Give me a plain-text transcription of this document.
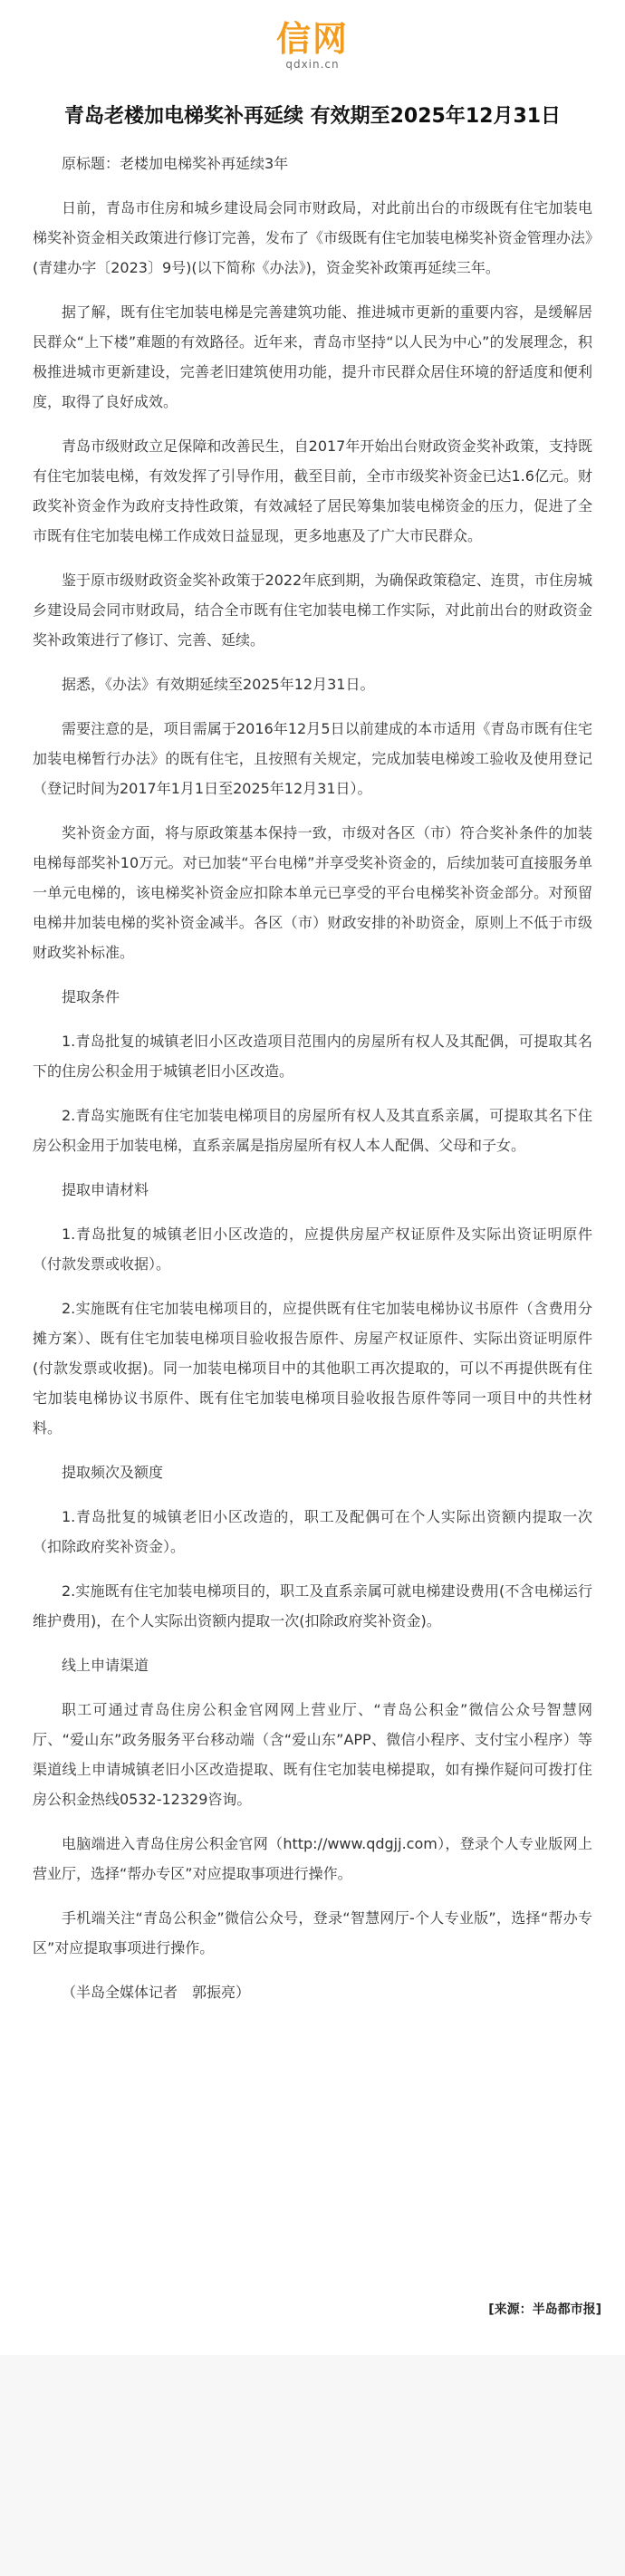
信网
qdxin.cn
青岛老楼加电梯奖补再延续 有效期至2025年12月31日

原标题：老楼加电梯奖补再延续3年

日前，青岛市住房和城乡建设局会同市财政局，对此前出台的市级既有住宅加装电梯奖补资金相关政策进行修订完善，发布了《市级既有住宅加装电梯奖补资金管理办法》(青建办字〔2023〕9号)(以下简称《办法》)，资金奖补政策再延续三年。

据了解，既有住宅加装电梯是完善建筑功能、推进城市更新的重要内容，是缓解居民群众“上下楼”难题的有效路径。近年来，青岛市坚持“以人民为中心”的发展理念，积极推进城市更新建设，完善老旧建筑使用功能，提升市民群众居住环境的舒适度和便利度，取得了良好成效。

青岛市级财政立足保障和改善民生，自2017年开始出台财政资金奖补政策，支持既有住宅加装电梯，有效发挥了引导作用，截至目前，全市市级奖补资金已达1.6亿元。财政奖补资金作为政府支持性政策，有效减轻了居民筹集加装电梯资金的压力，促进了全市既有住宅加装电梯工作成效日益显现，更多地惠及了广大市民群众。

鉴于原市级财政资金奖补政策于2022年底到期，为确保政策稳定、连贯，市住房城乡建设局会同市财政局，结合全市既有住宅加装电梯工作实际，对此前出台的财政资金奖补政策进行了修订、完善、延续。

据悉，《办法》有效期延续至2025年12月31日。

需要注意的是，项目需属于2016年12月5日以前建成的本市适用《青岛市既有住宅加装电梯暂行办法》的既有住宅，且按照有关规定，完成加装电梯竣工验收及使用登记（登记时间为2017年1月1日至2025年12月31日）。

奖补资金方面，将与原政策基本保持一致，市级对各区（市）符合奖补条件的加装电梯每部奖补10万元。对已加装“平台电梯”并享受奖补资金的，后续加装可直接服务单一单元电梯的，该电梯奖补资金应扣除本单元已享受的平台电梯奖补资金部分。对预留电梯井加装电梯的奖补资金减半。各区（市）财政安排的补助资金，原则上不低于市级财政奖补标准。

提取条件

1.青岛批复的城镇老旧小区改造项目范围内的房屋所有权人及其配偶，可提取其名下的住房公积金用于城镇老旧小区改造。

2.青岛实施既有住宅加装电梯项目的房屋所有权人及其直系亲属，可提取其名下住房公积金用于加装电梯，直系亲属是指房屋所有权人本人配偶、父母和子女。

提取申请材料

1.青岛批复的城镇老旧小区改造的，应提供房屋产权证原件及实际出资证明原件（付款发票或收据）。

2.实施既有住宅加装电梯项目的，应提供既有住宅加装电梯协议书原件（含费用分摊方案）、既有住宅加装电梯项目验收报告原件、房屋产权证原件、实际出资证明原件(付款发票或收据)。同一加装电梯项目中的其他职工再次提取的，可以不再提供既有住宅加装电梯协议书原件、既有住宅加装电梯项目验收报告原件等同一项目中的共性材料。

提取频次及额度

1.青岛批复的城镇老旧小区改造的，职工及配偶可在个人实际出资额内提取一次（扣除政府奖补资金）。

2.实施既有住宅加装电梯项目的，职工及直系亲属可就电梯建设费用(不含电梯运行维护费用)，在个人实际出资额内提取一次(扣除政府奖补资金)。

线上申请渠道

职工可通过青岛住房公积金官网网上营业厅、“青岛公积金”微信公众号智慧网厅、“爱山东”政务服务平台移动端（含“爱山东”APP、微信小程序、支付宝小程序）等渠道线上申请城镇老旧小区改造提取、既有住宅加装电梯提取，如有操作疑问可拨打住房公积金热线0532-12329咨询。

电脑端进入青岛住房公积金官网（http://www.qdgjj.com），登录个人专业版网上营业厅，选择“帮办专区”对应提取事项进行操作。

手机端关注“青岛公积金”微信公众号，登录“智慧网厅-个人专业版”，选择“帮办专区”对应提取事项进行操作。

（半岛全媒体记者　郭振亮）

[来源：半岛都市报]
